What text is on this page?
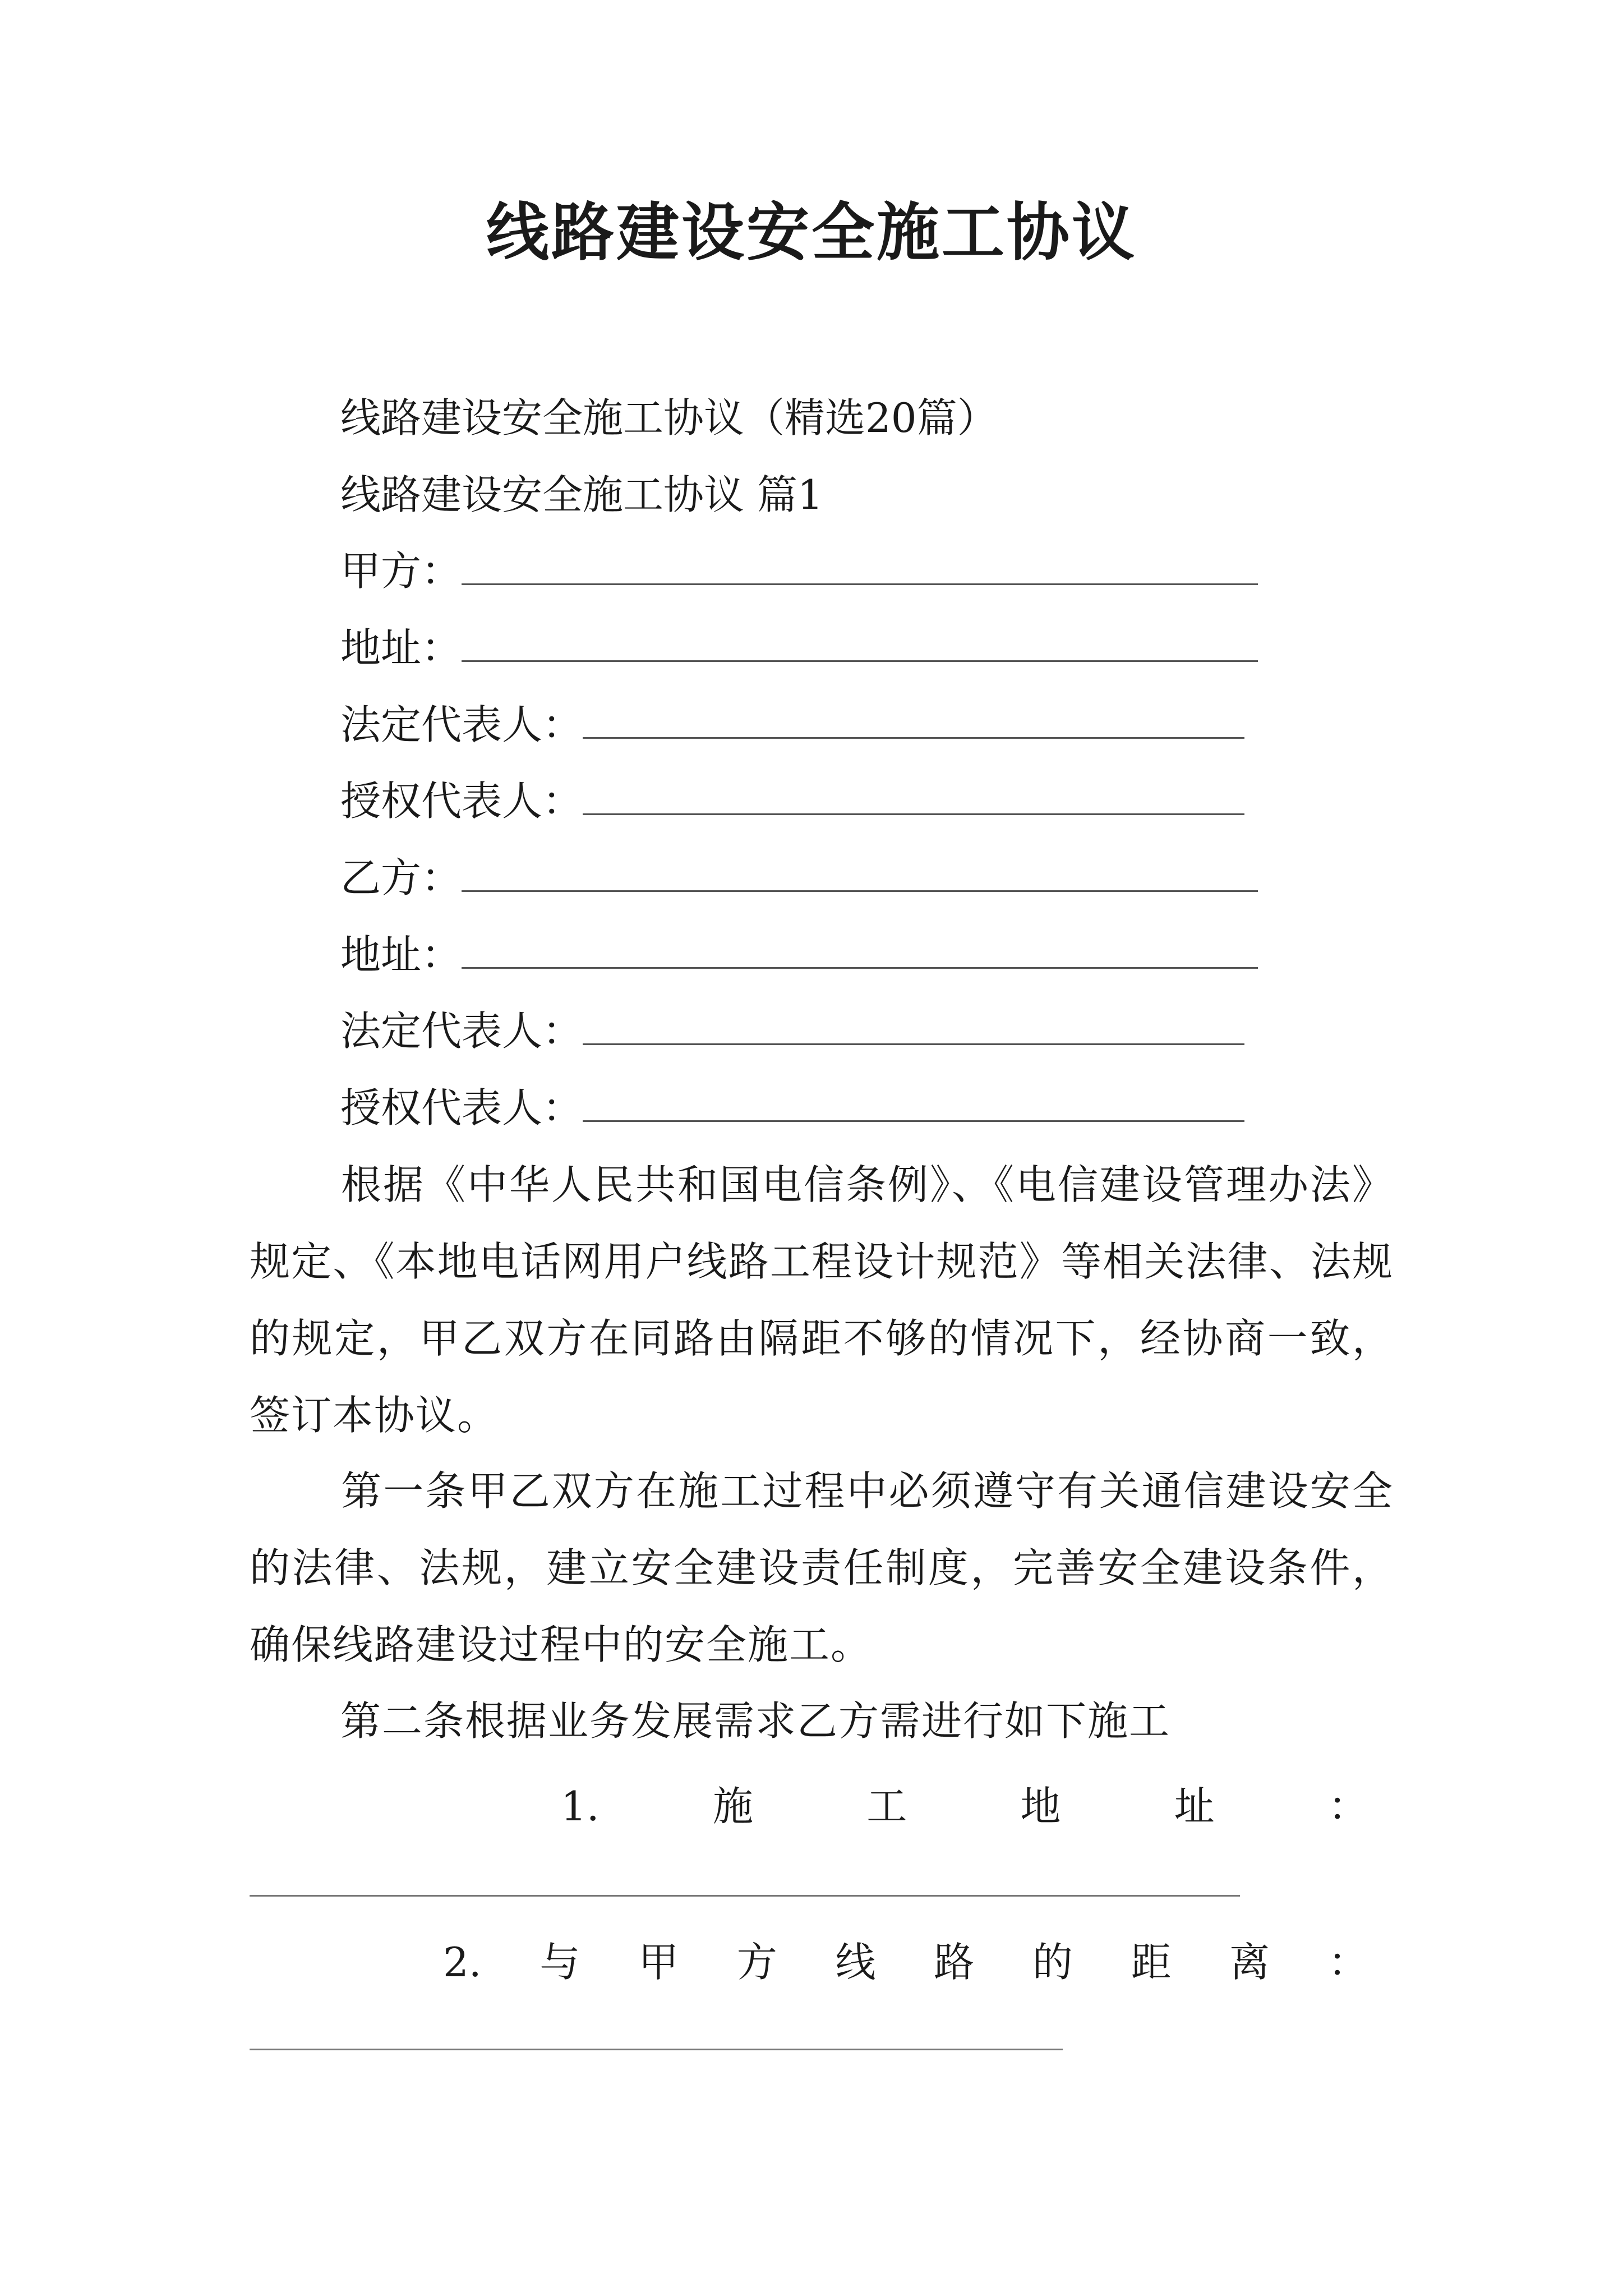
线路建设安全施工协议
线路建设安全施工协议（精选20篇）
线路建设安全施工协议 篇1
甲方：
地址：
法定代表人：
授权代表人：
乙方：
地址：
法定代表人：
授权代表人：
根据《中华人民共和国电信条例》、《电信建设管理办法》规定、《本地电话网用户线路工程设计规范》等相关法律、法规的规定，甲乙双方在同路由隔距不够的情况下，经协商一致，签订本协议。
第一条甲乙双方在施工过程中必须遵守有关通信建设安全的法律、法规，建立安全建设责任制度，完善安全建设条件，确保线路建设过程中的安全施工。
第二条根据业务发展需求乙方需进行如下施工
1.	施	工	地	址	：
2. 与 甲 方 线 路 的 距 离 ：
